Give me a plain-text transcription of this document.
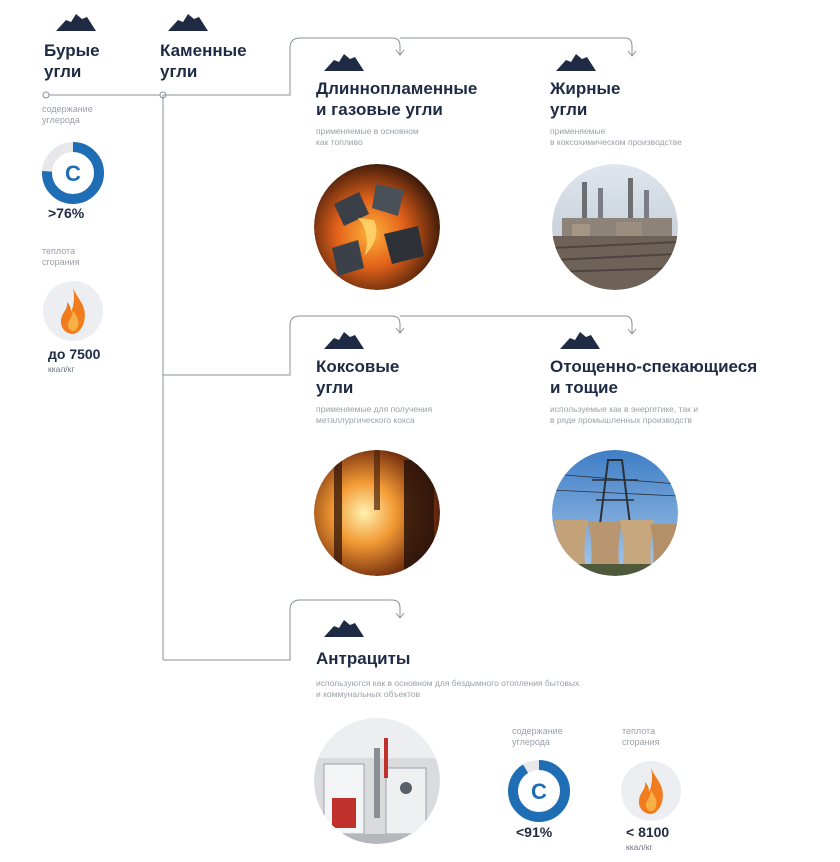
Бурые
угли
содержание
углерода
C
>76%
теплота
сгорания
до 7500
ккал/кг
Каменные
угли
Длиннопламенные
и газовые угли
применяемые в основном
как топливо
Жирные
угли
применяемые
в коксохимическом производстве
Коксовые
угли
применяемые для получения
металлургического кокса
Отощенно-спекающиеся
и тощие
используемые как в энергетике, так и
в ряде промышленных производств
Антрациты
используются как в основном для бездымного отопления бытовых
и коммунальных объектов
содержание
углерода
C
<91%
теплота
сгорания
< 8100
ккал/кг
